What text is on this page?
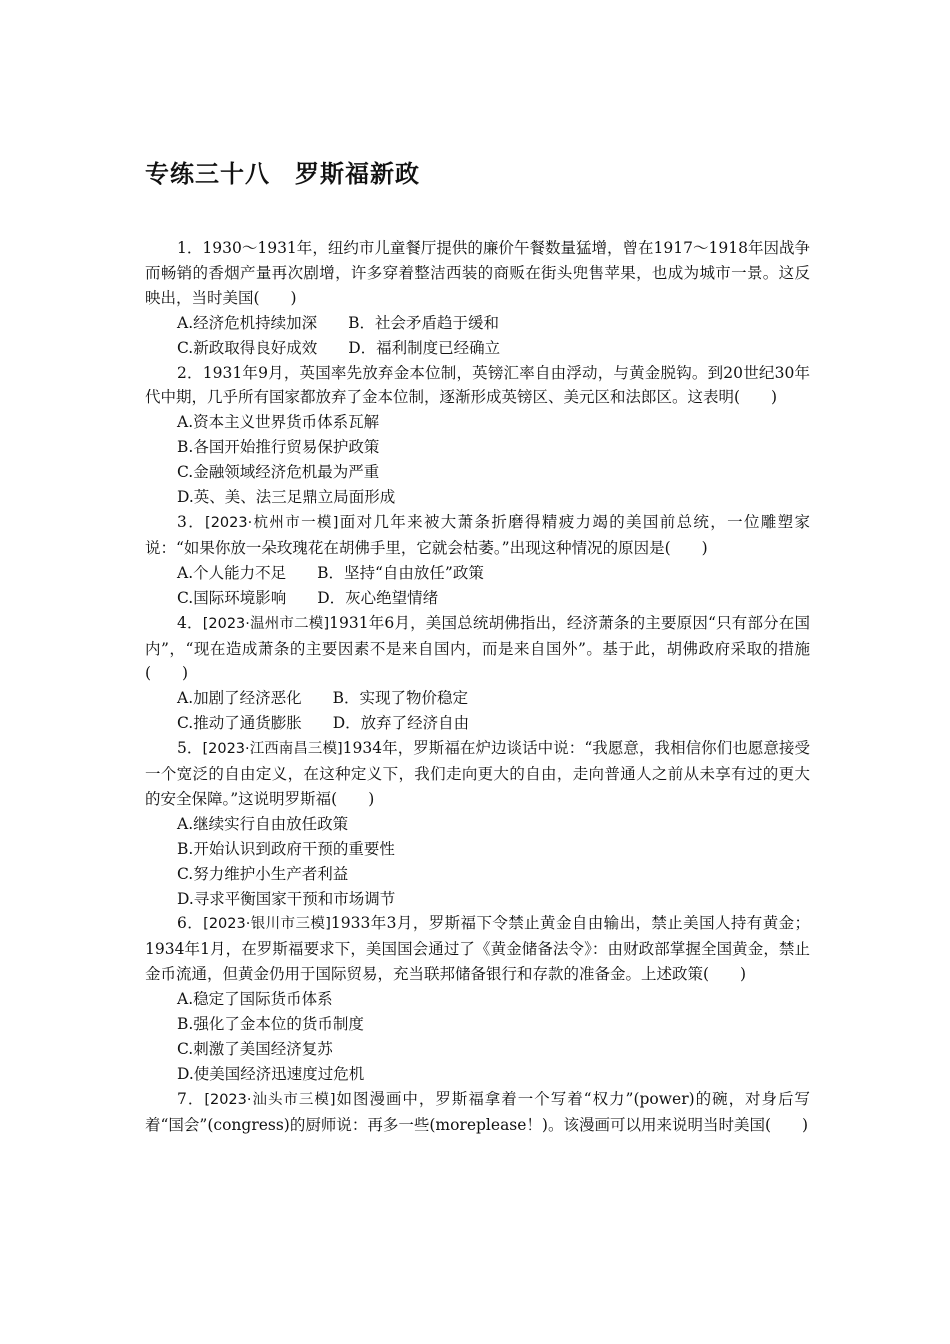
专练三十八　罗斯福新政

1．1930～1931年，纽约市儿童餐厅提供的廉价午餐数量猛增，曾在1917～1918年因战争而畅销的香烟产量再次剧增，许多穿着整洁西装的商贩在街头兜售苹果，也成为城市一景。这反映出，当时美国(　　)

A.经济危机持续加深　　B．社会矛盾趋于缓和

C.新政取得良好成效　　D．福利制度已经确立

2．1931年9月，英国率先放弃金本位制，英镑汇率自由浮动，与黄金脱钩。到20世纪30年代中期，几乎所有国家都放弃了金本位制，逐渐形成英镑区、美元区和法郎区。这表明(　　)

A.资本主义世界货币体系瓦解

B.各国开始推行贸易保护政策

C.金融领域经济危机最为严重

D.英、美、法三足鼎立局面形成

3．[2023·杭州市一模]面对几年来被大萧条折磨得精疲力竭的美国前总统，一位雕塑家说：“如果你放一朵玫瑰花在胡佛手里，它就会枯萎。”出现这种情况的原因是(　　)

A.个人能力不足　　B．坚持“自由放任”政策

C.国际环境影响　　D．灰心绝望情绪

4．[2023·温州市二模]1931年6月，美国总统胡佛指出，经济萧条的主要原因“只有部分在国内”，“现在造成萧条的主要因素不是来自国内，而是来自国外”。基于此，胡佛政府采取的措施(　　)

A.加剧了经济恶化　　B．实现了物价稳定

C.推动了通货膨胀　　D．放弃了经济自由

5．[2023·江西南昌三模]1934年，罗斯福在炉边谈话中说：“我愿意，我相信你们也愿意接受一个宽泛的自由定义，在这种定义下，我们走向更大的自由，走向普通人之前从未享有过的更大的安全保障。”这说明罗斯福(　　)

A.继续实行自由放任政策

B.开始认识到政府干预的重要性

C.努力维护小生产者利益

D.寻求平衡国家干预和市场调节

6．[2023·银川市三模]1933年3月，罗斯福下令禁止黄金自由输出，禁止美国人持有黄金；1934年1月，在罗斯福要求下，美国国会通过了《黄金储备法令》：由财政部掌握全国黄金，禁止金币流通，但黄金仍用于国际贸易，充当联邦储备银行和存款的准备金。上述政策(　　)

A.稳定了国际货币体系

B.强化了金本位的货币制度

C.刺激了美国经济复苏

D.使美国经济迅速度过危机

7．[2023·汕头市三模]如图漫画中，罗斯福拿着一个写着“权力”(power)的碗，对身后写着“国会”(congress)的厨师说：再多一些(moreplease！)。该漫画可以用来说明当时美国(　　)
